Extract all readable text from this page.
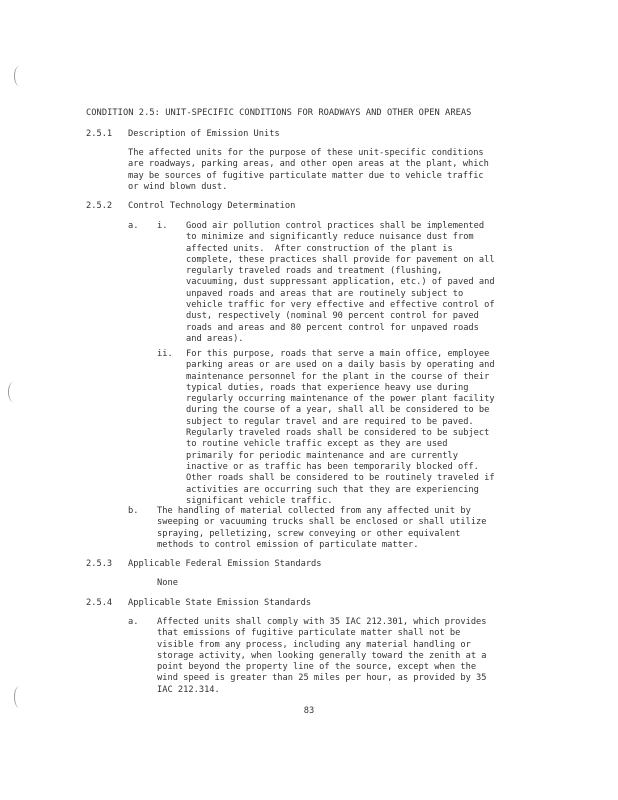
CONDITION 2.5: UNIT-SPECIFIC CONDITIONS FOR ROADWAYS AND OTHER OPEN AREAS
2.5.1 Description of Emission Units
The affected units for the purpose of these unit-specific conditions
are roadways, parking areas, and other open areas at the plant, which
may be sources of fugitive particulate matter due to vehicle traffic
or wind blown dust.
2.5.2 Control Technology Determination
a. i. Good air pollution control practices shall be implemented
to minimize and significantly reduce nuisance dust from
affected units.  After construction of the plant is
complete, these practices shall provide for pavement on all
regularly traveled roads and treatment (flushing,
vacuuming, dust suppressant application, etc.) of paved and
unpaved roads and areas that are routinely subject to
vehicle traffic for very effective and effective control of
dust, respectively (nominal 90 percent control for paved
roads and areas and 80 percent control for unpaved roads
and areas).
ii. For this purpose, roads that serve a main office, employee
parking areas or are used on a daily basis by operating and
maintenance personnel for the plant in the course of their
typical duties, roads that experience heavy use during
regularly occurring maintenance of the power plant facility
during the course of a year, shall all be considered to be
subject to regular travel and are required to be paved.
Regularly traveled roads shall be considered to be subject
to routine vehicle traffic except as they are used
primarily for periodic maintenance and are currently
inactive or as traffic has been temporarily blocked off.
Other roads shall be considered to be routinely traveled if
activities are occurring such that they are experiencing
significant vehicle traffic.
b. The handling of material collected from any affected unit by
sweeping or vacuuming trucks shall be enclosed or shall utilize
spraying, pelletizing, screw conveying or other equivalent
methods to control emission of particulate matter.
2.5.3 Applicable Federal Emission Standards
None
2.5.4 Applicable State Emission Standards
a. Affected units shall comply with 35 IAC 212.301, which provides
that emissions of fugitive particulate matter shall not be
visible from any process, including any material handling or
storage activity, when looking generally toward the zenith at a
point beyond the property line of the source, except when the
wind speed is greater than 25 miles per hour, as provided by 35
IAC 212.314.
83
